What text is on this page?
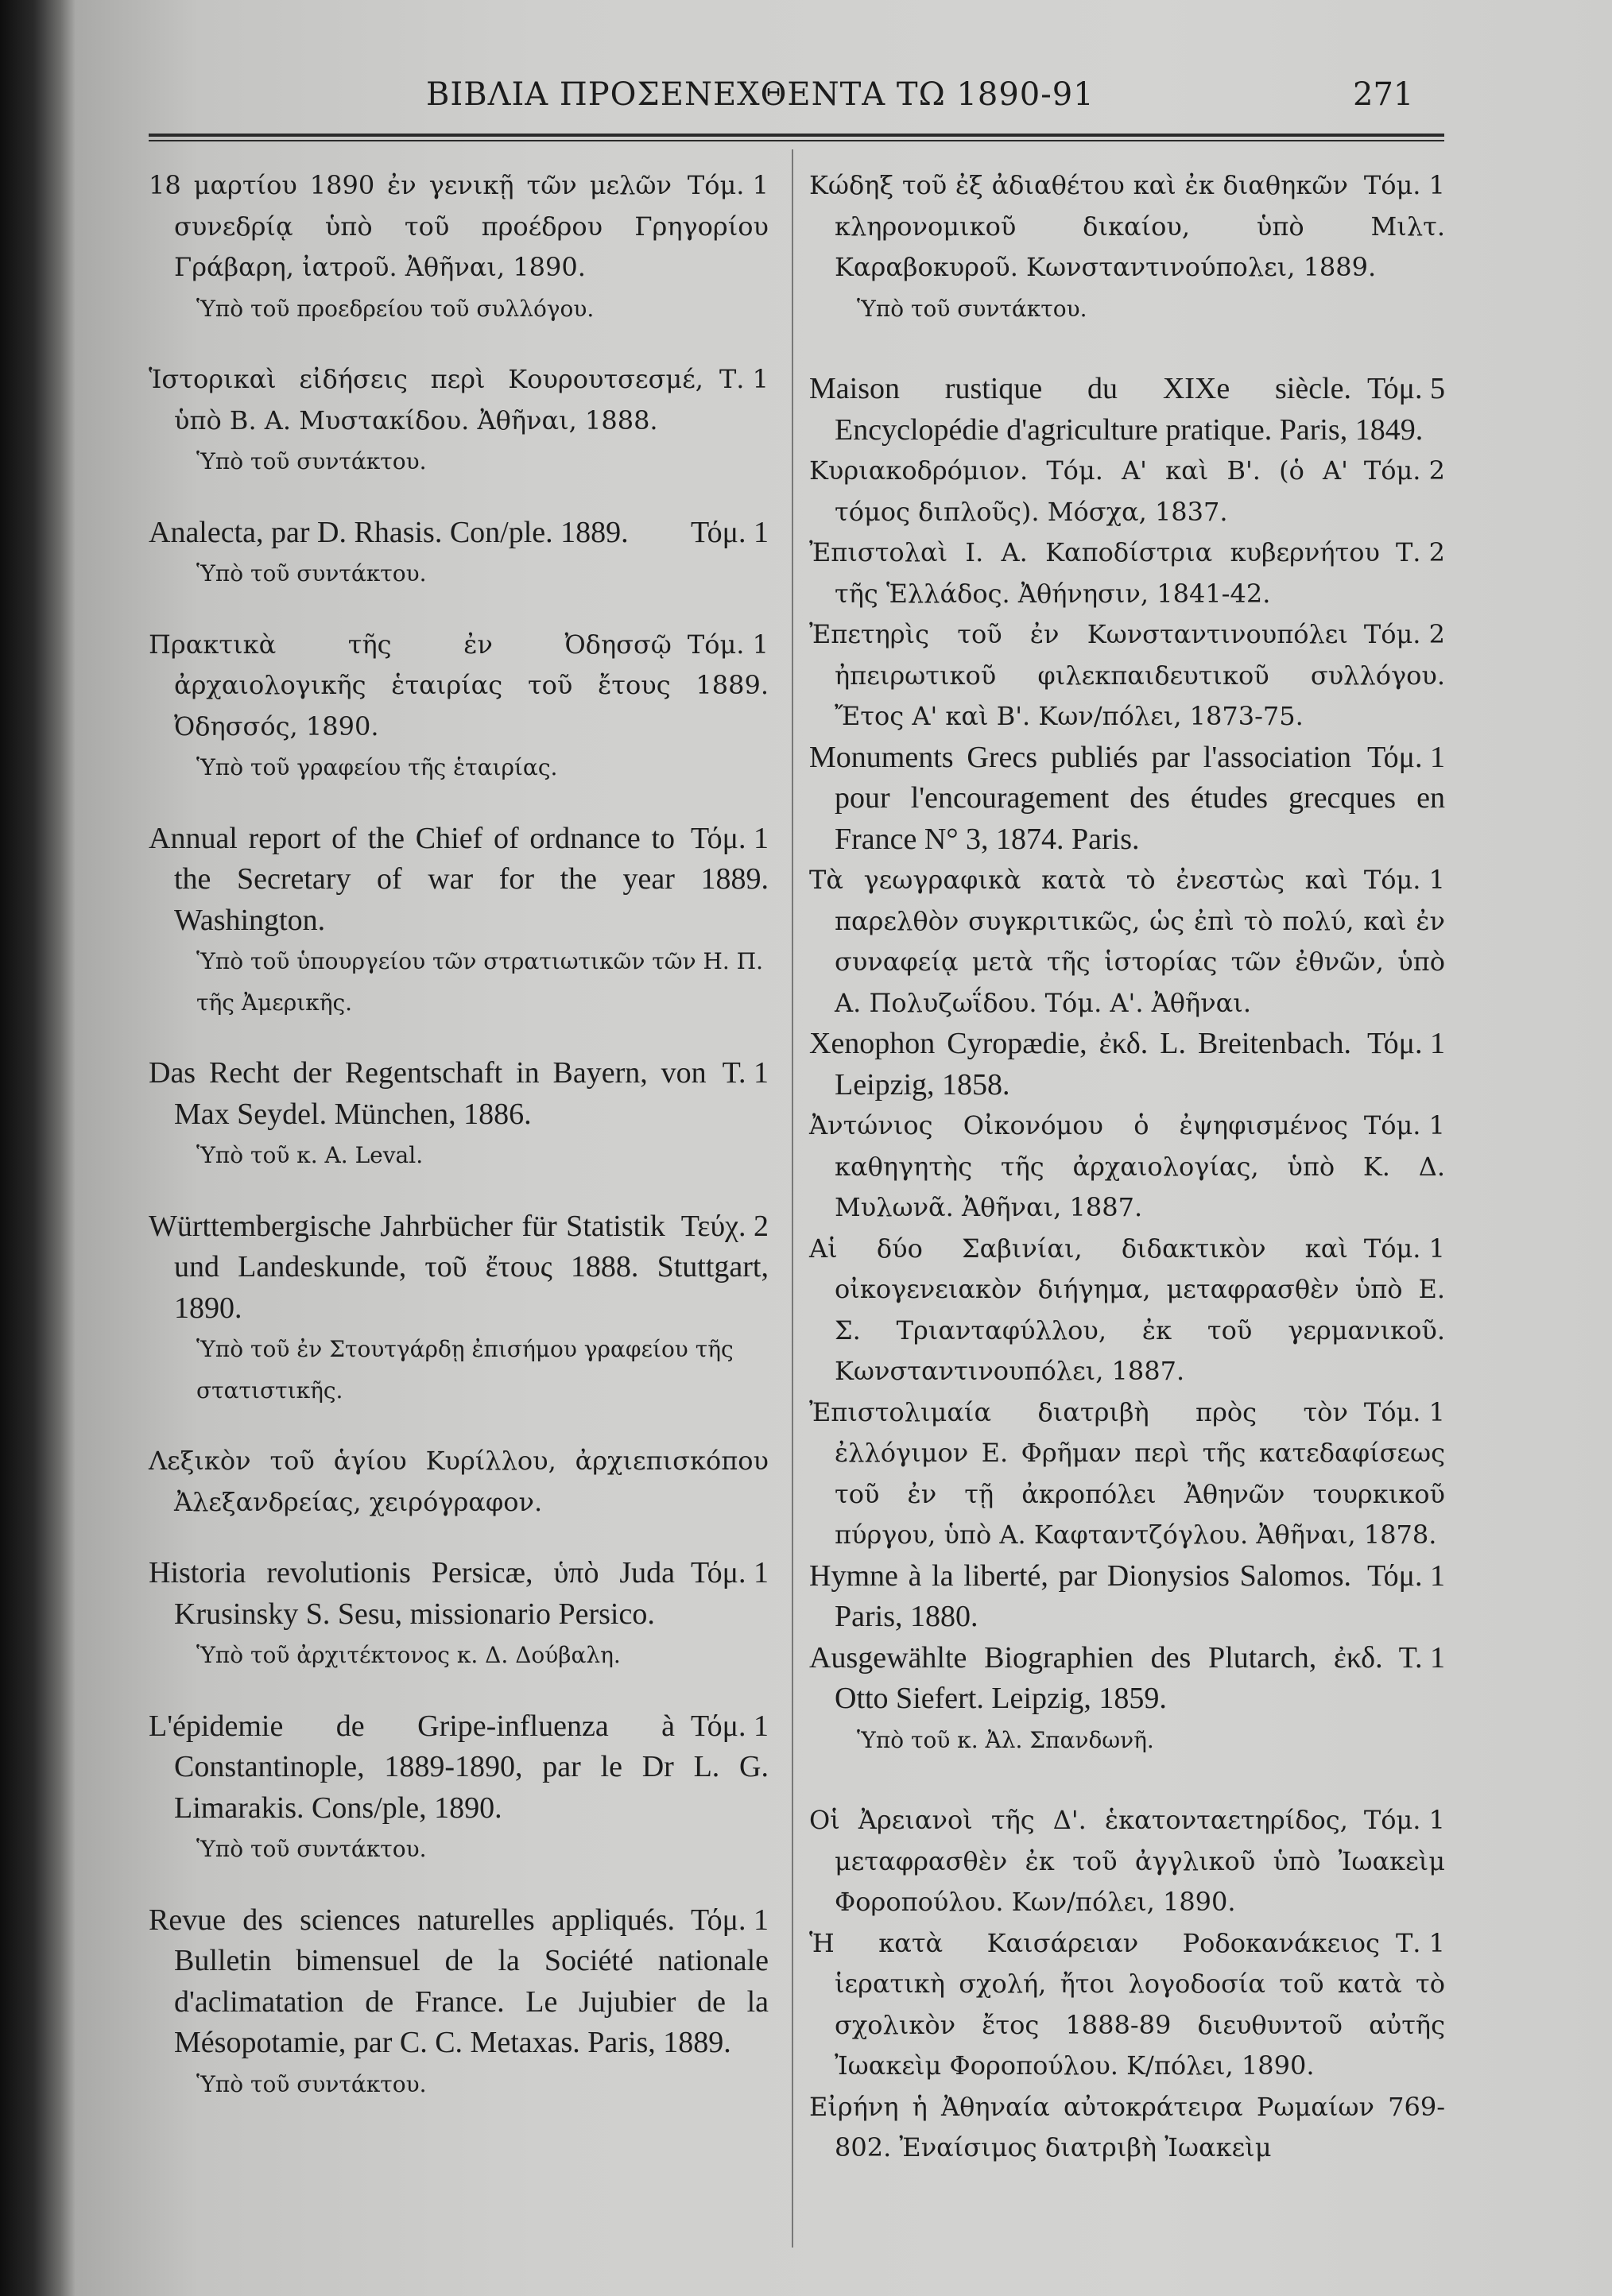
ΒΙΒΛΙΑ ΠΡΟΣΕΝΕΧΘΕΝΤΑ ΤΩ 1890-91	271

Τόμ. 1
18 μαρτίου 1890 ἐν γενικῇ τῶν μελῶν συνεδρίᾳ ὑπὸ τοῦ προέδρου Γρηγορίου Γράβαρη, ἰατροῦ. Ἀθῆναι, 1890.

Ὑπὸ τοῦ προεδρείου τοῦ συλλόγου.

Τ. 1
Ἱστορικαὶ εἰδήσεις περὶ Κουρουτσεσμέ, ὑπὸ Β. Α. Μυστακίδου. Ἀθῆναι, 1888.

Ὑπὸ τοῦ συντάκτου.

Τόμ. 1
Analecta, par D. Rhasis. Con/ple. 1889.

Ὑπὸ τοῦ συντάκτου.

Τόμ. 1
Πρακτικὰ τῆς ἐν Ὀδησσῷ ἀρχαιολογικῆς ἑταιρίας τοῦ ἔτους 1889. Ὀδησσός, 1890.

Ὑπὸ τοῦ γραφείου τῆς ἑταιρίας.

Τόμ. 1
Annual report of the Chief of ordnance to the Secretary of war for the year 1889. Washington.

Ὑπὸ τοῦ ὑπουργείου τῶν στρατιωτικῶν τῶν Η. Π. τῆς Ἀμερικῆς.

Τ. 1
Das Recht der Regentschaft in Bayern, von Max Seydel. München, 1886.

Ὑπὸ τοῦ κ. A. Leval.

Τεύχ. 2
Württembergische Jahrbücher für Statistik und Landeskunde, τοῦ ἔτους 1888. Stuttgart, 1890.

Ὑπὸ τοῦ ἐν Στουτγάρδῃ ἐπισήμου γραφείου τῆς στατιστικῆς.

Λεξικὸν τοῦ ἁγίου Κυρίλλου, ἀρχιεπισκόπου Ἀλεξανδρείας, χειρόγραφον.

Τόμ. 1
Historia revolutionis Persicæ, ὑπὸ Juda Krusinsky S. Sesu, missionario Persico.

Ὑπὸ τοῦ ἀρχιτέκτονος κ. Δ. Δούβαλη.

Τόμ. 1
L'épidemie de Gripe-influenza à Constantinople, 1889-1890, par le Dr L. G. Limarakis. Cons/ple, 1890.

Ὑπὸ τοῦ συντάκτου.

Τόμ. 1
Revue des sciences naturelles appliqués. Bulletin bimensuel de la Société nationale d'aclimatation de France. Le Jujubier de la Mésopotamie, par C. C. Metaxas. Paris, 1889.

Ὑπὸ τοῦ συντάκτου.

Τόμ. 1
Κώδηξ τοῦ ἐξ ἀδιαθέτου καὶ ἐκ διαθηκῶν κληρονομικοῦ δικαίου, ὑπὸ Μιλτ. Καραβοκυροῦ. Κωνσταντινούπολει, 1889.

Ὑπὸ τοῦ συντάκτου.

Τόμ. 5
Maison rustique du XIXe siècle. Encyclopédie d'agriculture pratique. Paris, 1849.

Τόμ. 2
Κυριακοδρόμιον. Τόμ. Α' καὶ Β'. (ὁ Α' τόμος διπλοῦς). Μόσχα, 1837.

Τ. 2
Ἐπιστολαὶ Ι. Α. Καποδίστρια κυβερνήτου τῆς Ἑλλάδος. Ἀθήνησιν, 1841-42.

Τόμ. 2
Ἐπετηρὶς τοῦ ἐν Κωνσταντινουπόλει ἠπειρωτικοῦ φιλεκπαιδευτικοῦ συλλόγου. Ἔτος Α' καὶ Β'. Κων/πόλει, 1873-75.

Τόμ. 1
Monuments Grecs publiés par l'association pour l'encouragement des études grecques en France N° 3, 1874. Paris.

Τόμ. 1
Τὰ γεωγραφικὰ κατὰ τὸ ἐνεστὼς καὶ παρελθὸν συγκριτικῶς, ὡς ἐπὶ τὸ πολύ, καὶ ἐν συναφείᾳ μετὰ τῆς ἱστορίας τῶν ἐθνῶν, ὑπὸ Α. Πολυζωΐδου. Τόμ. Α'. Ἀθῆναι.

Τόμ. 1
Xenophon Cyropædie, ἐκδ. L. Breitenbach. Leipzig, 1858.

Τόμ. 1
Ἀντώνιος Οἰκονόμου ὁ ἐψηφισμένος καθηγητὴς τῆς ἀρχαιολογίας, ὑπὸ Κ. Δ. Μυλωνᾶ. Ἀθῆναι, 1887.

Τόμ. 1
Αἱ δύο Σαβινίαι, διδακτικὸν καὶ οἰκογενειακὸν διήγημα, μεταφρασθὲν ὑπὸ Ε. Σ. Τριανταφύλλου, ἐκ τοῦ γερμανικοῦ. Κωνσταντινουπόλει, 1887.

Τόμ. 1
Ἐπιστολιμαία διατριβὴ πρὸς τὸν ἐλλόγιμον Ε. Φρῆμαν περὶ τῆς κατεδαφίσεως τοῦ ἐν τῇ ἀκροπόλει Ἀθηνῶν τουρκικοῦ πύργου, ὑπὸ Α. Καφταντζόγλου. Ἀθῆναι, 1878.

Τόμ. 1
Hymne à la liberté, par Dionysios Salomos. Paris, 1880.

Τ. 1
Ausgewählte Biographien des Plutarch, ἐκδ. Otto Siefert. Leipzig, 1859.

Ὑπὸ τοῦ κ. Ἀλ. Σπανδωνῆ.

Τόμ. 1
Οἱ Ἀρειανοὶ τῆς Δ'. ἑκατονταετηρίδος, μεταφρασθὲν ἐκ τοῦ ἀγγλικοῦ ὑπὸ Ἰωακεὶμ Φοροπούλου. Κων/πόλει, 1890.

Τ. 1
Ἡ κατὰ Καισάρειαν Ροδοκανάκειος ἱερατικὴ σχολή, ἤτοι λογοδοσία τοῦ κατὰ τὸ σχολικὸν ἔτος 1888-89 διευθυντοῦ αὐτῆς Ἰωακεὶμ Φοροπούλου. Κ/πόλει, 1890.

Εἰρήνη ἡ Ἀθηναία αὐτοκράτειρα Ρωμαίων 769-802. Ἐναίσιμος διατριβὴ Ἰωακεὶμ
